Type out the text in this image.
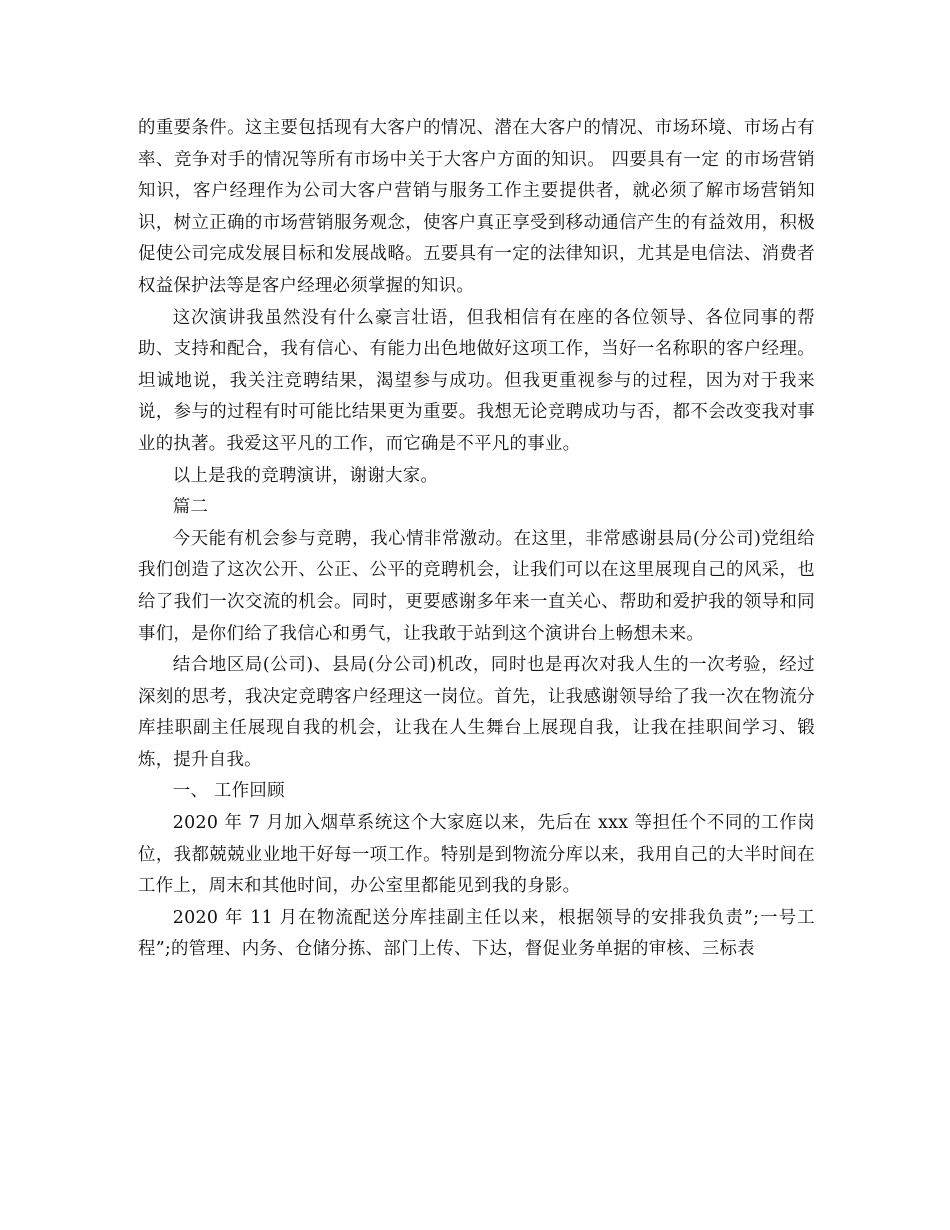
的重要条件。这主要包括现有大客户的情况、潜在大客户的情况、市场环境、市场占有率、竞争对手的情况等所有市场中关于大客户方面的知识。 四要具有一定 的市场营销知识，客户经理作为公司大客户营销与服务工作主要提供者，就必须了解市场营销知识，树立正确的市场营销服务观念，使客户真正享受到移动通信产生的有益效用，积极促使公司完成发展目标和发展战略。五要具有一定的法律知识，尤其是电信法、消费者权益保护法等是客户经理必须掌握的知识。

这次演讲我虽然没有什么豪言壮语，但我相信有在座的各位领导、各位同事的帮助、支持和配合，我有信心、有能力出色地做好这项工作，当好一名称职的客户经理。坦诚地说，我关注竞聘结果，渴望参与成功。但我更重视参与的过程，因为对于我来说，参与的过程有时可能比结果更为重要。我想无论竞聘成功与否，都不会改变我对事业的执著。我爱这平凡的工作，而它确是不平凡的事业。

以上是我的竞聘演讲，谢谢大家。

篇二

今天能有机会参与竞聘，我心情非常激动。在这里，非常感谢县局(分公司)党组给我们创造了这次公开、公正、公平的竞聘机会，让我们可以在这里展现自己的风采，也给了我们一次交流的机会。同时，更要感谢多年来一直关心、帮助和爱护我的领导和同事们，是你们给了我信心和勇气，让我敢于站到这个演讲台上畅想未来。

结合地区局(公司)、县局(分公司)机改，同时也是再次对我人生的一次考验，经过深刻的思考，我决定竞聘客户经理这一岗位。首先，让我感谢领导给了我一次在物流分库挂职副主任展现自我的机会，让我在人生舞台上展现自我，让我在挂职间学习、锻炼，提升自我。

一、 工作回顾

2020 年 7 月加入烟草系统这个大家庭以来，先后在 xxx 等担任个不同的工作岗位，我都兢兢业业地干好每一项工作。特别是到物流分库以来，我用自己的大半时间在工作上，周末和其他时间，办公室里都能见到我的身影。

2020 年 11 月在物流配送分库挂副主任以来，根据领导的安排我负责”;一号工程”;的管理、内务、仓储分拣、部门上传、下达，督促业务单据的审核、三标表
